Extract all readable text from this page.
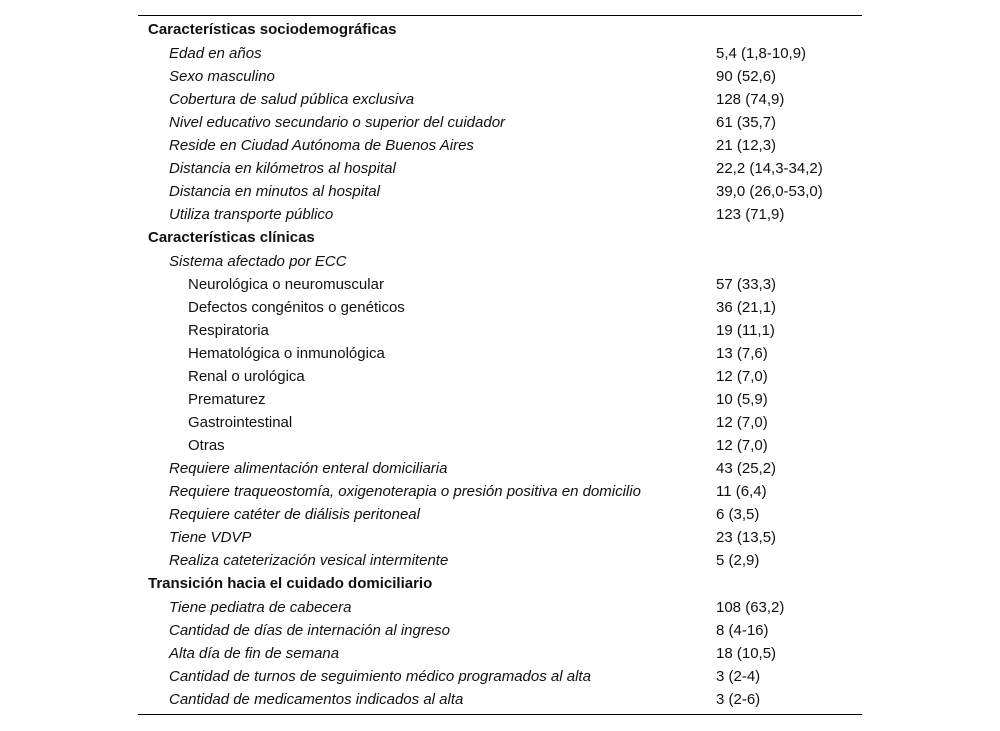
Características sociodemográficas
Edad en años	5,4 (1,8-10,9)
Sexo masculino	90 (52,6)
Cobertura de salud pública exclusiva	128 (74,9)
Nivel educativo secundario o superior del cuidador	61 (35,7)
Reside en Ciudad Autónoma de Buenos Aires	21 (12,3)
Distancia en kilómetros al hospital	22,2 (14,3-34,2)
Distancia en minutos al hospital	39,0 (26,0-53,0)
Utiliza transporte público	123 (71,9)
Características clínicas
Sistema afectado por ECC
Neurológica o neuromuscular	57 (33,3)
Defectos congénitos o genéticos	36 (21,1)
Respiratoria	19 (11,1)
Hematológica o inmunológica	13 (7,6)
Renal o urológica	12 (7,0)
Prematurez	10 (5,9)
Gastrointestinal	12 (7,0)
Otras	12 (7,0)
Requiere alimentación enteral domiciliaria	43 (25,2)
Requiere traqueostomía, oxigenoterapia o presión positiva en domicilio	11 (6,4)
Requiere catéter de diálisis peritoneal	6 (3,5)
Tiene VDVP	23 (13,5)
Realiza cateterización vesical intermitente	5 (2,9)
Transición hacia el cuidado domiciliario
Tiene pediatra de cabecera	108 (63,2)
Cantidad de días de internación al ingreso	8 (4-16)
Alta día de fin de semana	18 (10,5)
Cantidad de turnos de seguimiento médico programados al alta	3 (2-4)
Cantidad de medicamentos indicados al alta	3 (2-6)
